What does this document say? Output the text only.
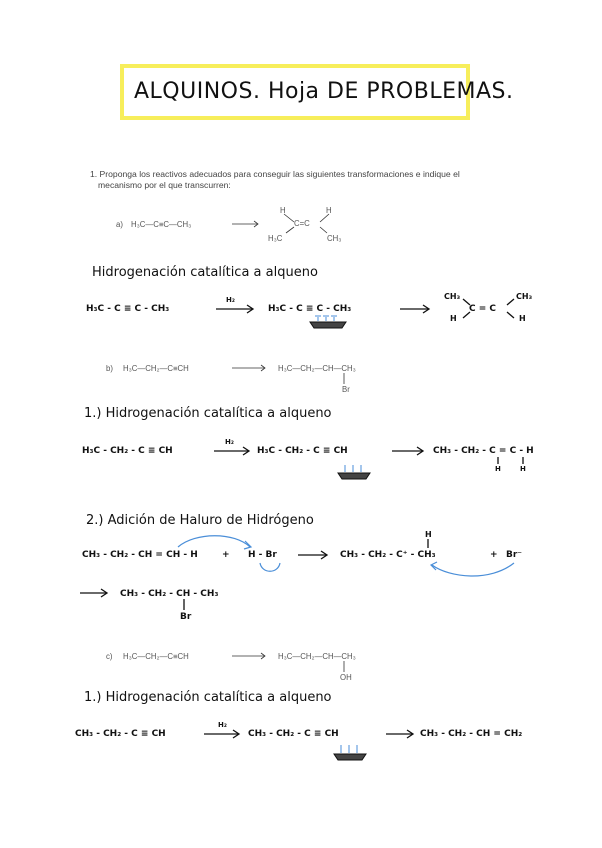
ALQUINOS. Hoja DE PROBLEMAS.
1. Proponga los reactivos adecuados para conseguir las siguientes transformaciones e indique el
mecanismo por el que transcurren:
a) H₃C—C≡C—CH₃
H	H
C=C
H₃C	CH₃
Hidrogenación catalítica a alqueno
H₃C - C ≡ C - CH₃
H₂
H₃C - C ≡ C - CH₃
CH₃	CH₃
C = C
H	H
b) H₃C—CH₂—C≡CH	H₃C—CH₂—CH—CH₃
Br
1.) Hidrogenación catalítica a alqueno
H₃C - CH₂ - C ≡ CH
H₂
H₃C - CH₂ - C ≡ CH	CH₃ - CH₂ - C = C - H
H	H
2.) Adición de Haluro de Hidrógeno
CH₃ - CH₂ - CH = CH - H	+ H - Br
H
CH₃ - CH₂ - C⁺ - CH₃	+ Br⁻
CH₃ - CH₂ - CH - CH₃
Br
c) H₃C—CH₂—C≡CH	H₃C—CH₂—CH—CH₃
OH
1.) Hidrogenación catalítica a alqueno
CH₃ - CH₂ - C ≡ CH
H₂
CH₃ - CH₂ - C ≡ CH	CH₃ - CH₂ - CH = CH₂
